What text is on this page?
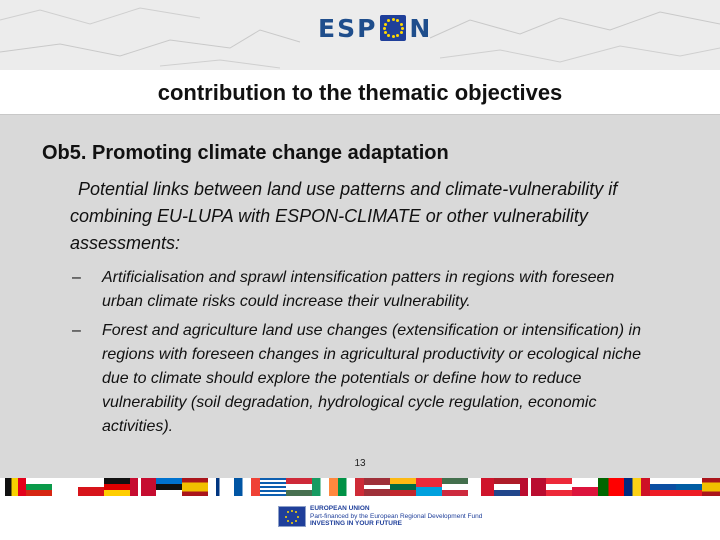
ESP N
contribution to the thematic objectives
Ob5. Promoting climate change adaptation
Potential links between land use patterns and climate-vulnerability if combining EU-LUPA with ESPON-CLIMATE or other vulnerability assessments:
– Artificialisation and sprawl intensification patters in regions with foreseen urban climate risks could increase their vulnerability.
– Forest and agriculture land use changes (extensification or intensification) in regions with foreseen changes in agricultural productivity or ecological niche due to climate should explore the potentials or define how to reduce vulnerability (soil degradation, hydrological cycle regulation, economic activities).
13
EUROPEAN UNION
Part-financed by the European Regional Development Fund
INVESTING IN YOUR FUTURE
